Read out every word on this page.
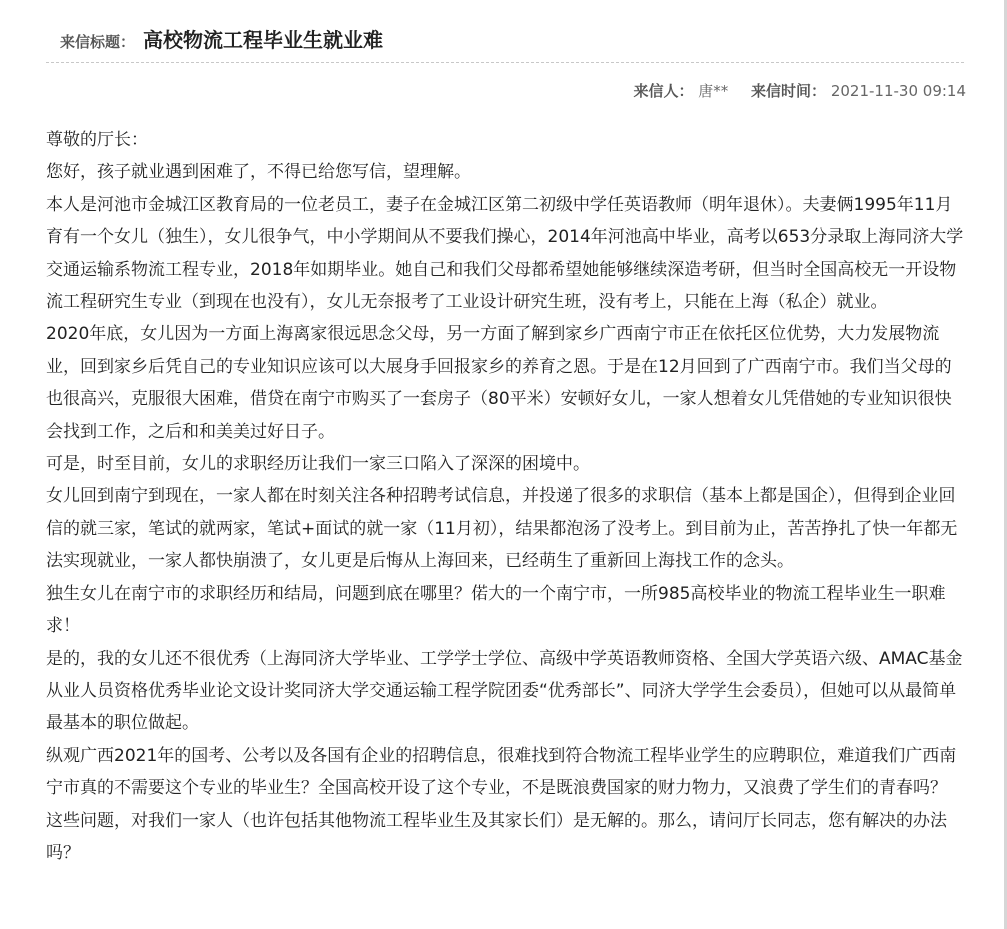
来信标题： 高校物流工程毕业生就业难
来信人： 唐** 来信时间： 2021-11-30 09:14

尊敬的厅长：

您好，孩子就业遇到困难了，不得已给您写信，望理解。

本人是河池市金城江区教育局的一位老员工，妻子在金城江区第二初级中学任英语教师（明年退休）。夫妻俩1995年11月育有一个女儿（独生），女儿很争气，中小学期间从不要我们操心，2014年河池高中毕业，高考以653分录取上海同济大学交通运输系物流工程专业，2018年如期毕业。她自己和我们父母都希望她能够继续深造考研，但当时全国高校无一开设物流工程研究生专业（到现在也没有），女儿无奈报考了工业设计研究生班，没有考上，只能在上海（私企）就业。

2020年底，女儿因为一方面上海离家很远思念父母，另一方面了解到家乡广西南宁市正在依托区位优势，大力发展物流业，回到家乡后凭自己的专业知识应该可以大展身手回报家乡的养育之恩。于是在12月回到了广西南宁市。我们当父母的也很高兴，克服很大困难，借贷在南宁市购买了一套房子（80平米）安顿好女儿，一家人想着女儿凭借她的专业知识很快会找到工作，之后和和美美过好日子。

可是，时至目前，女儿的求职经历让我们一家三口陷入了深深的困境中。

女儿回到南宁到现在，一家人都在时刻关注各种招聘考试信息，并投递了很多的求职信（基本上都是国企），但得到企业回信的就三家，笔试的就两家，笔试+面试的就一家（11月初），结果都泡汤了没考上。到目前为止，苦苦挣扎了快一年都无法实现就业，一家人都快崩溃了，女儿更是后悔从上海回来，已经萌生了重新回上海找工作的念头。

独生女儿在南宁市的求职经历和结局，问题到底在哪里？偌大的一个南宁市，一所985高校毕业的物流工程毕业生一职难求！

是的，我的女儿还不很优秀（上海同济大学毕业、工学学士学位、高级中学英语教师资格、全国大学英语六级、AMAC基金从业人员资格优秀毕业论文设计奖同济大学交通运输工程学院团委“优秀部长”、同济大学学生会委员），但她可以从最简单最基本的职位做起。

纵观广西2021年的国考、公考以及各国有企业的招聘信息，很难找到符合物流工程毕业学生的应聘职位，难道我们广西南宁市真的不需要这个专业的毕业生？全国高校开设了这个专业，不是既浪费国家的财力物力，又浪费了学生们的青春吗？

这些问题，对我们一家人（也许包括其他物流工程毕业生及其家长们）是无解的。那么，请问厅长同志，您有解决的办法吗？
